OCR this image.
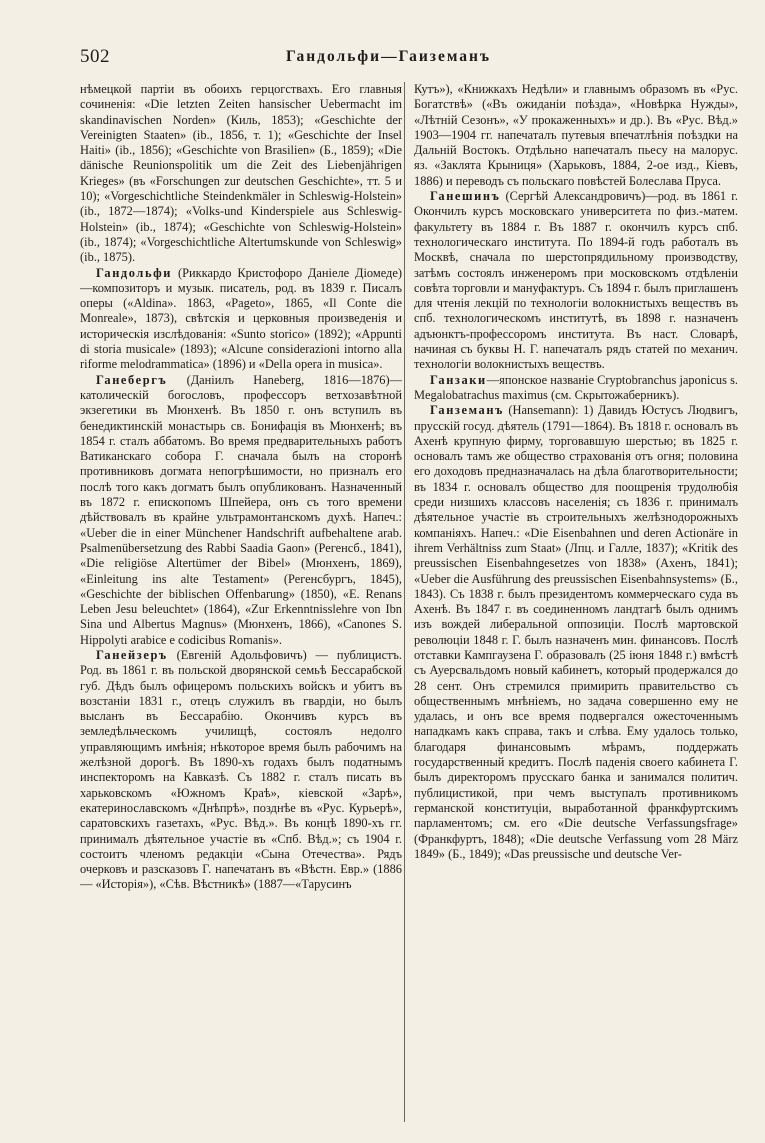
502	Гандольфи—Гаиземанъ

нѣмецкой партіи въ обоихъ герцогствахъ. Его главныя сочиненія: «Die letzten Zeiten hansischer Uebermacht im skandinavischen Norden» (Киль, 1853); «Geschichte der Vereinigten Staaten» (ib., 1856, т. 1); «Geschichte der Insel Haiti» (ib., 1856); «Geschichte von Brasilien» (Б., 1859); «Die dänische Reunionspolitik um die Zeit des Liebenjährigen Krieges» (въ «Forschungen zur deutschen Geschichte», тт. 5 и 10); «Vorgeschichtliche Steindenkmäler in Schleswig-Holstein» (ib., 1872—1874); «Volks-und Kinderspiele aus Schleswig-Holstein» (ib., 1874); «Geschichte von Schleswig-Holstein» (ib., 1874); «Vorgeschichtliche Altertumskunde von Schleswig» (ib., 1875).

Гандольфи (Риккардо Кристофоро Даніеле Діомеде)—композиторъ и музык. писатель, род. въ 1839 г. Писалъ оперы («Aldina». 1863, «Pageto», 1865, «Il Conte die Monreale», 1873), свѣтскія и церковныя произведенія и историческія изслѣдованія: «Sunto storico» (1892); «Appunti di storia musicale» (1893); «Alcune considerazioni intorno alla riforme melodrammatica» (1896) и «Della opera in musica».

Ганебергъ (Даніилъ Haneberg, 1816—1876)—католическій богословъ, профессоръ ветхозавѣтной экзегетики въ Мюнхенѣ. Въ 1850 г. онъ вступилъ въ бенедиктинскій монастырь св. Бонифація въ Мюнхенѣ; въ 1854 г. сталъ аббатомъ. Во время предварительныхъ работъ Ватиканскаго собора Г. сначала былъ на сторонѣ противниковъ догмата непогрѣшимости, но призналъ его послѣ того какъ догматъ былъ опубликованъ. Назначенный въ 1872 г. епископомъ Шпейера, онъ съ того времени дѣйствовалъ въ крайне ультрамонтанскомъ духѣ. Напеч.: «Ueber die in einer Münchener Handschrift aufbehaltene arab. Psalmenübersetzung des Rabbi Saadia Gaon» (Регенсб., 1841), «Die religiöse Altertümer der Bibel» (Мюнхенъ, 1869), «Einleitung ins alte Testament» (Регенсбургъ, 1845), «Geschichte der biblischen Offenbarung» (1850), «E. Renans Leben Jesu beleuchtet» (1864), «Zur Erkenntnisslehre von Ibn Sina und Albertus Magnus» (Мюнхенъ, 1866), «Canones S. Hippolyti arabice e codicibus Romanis».

Ганейзеръ (Евгеній Адольфовичъ) — публицистъ. Род. въ 1861 г. въ польской дворянской семьѣ Бессарабской губ. Дѣдъ былъ офицеромъ польскихъ войскъ и убитъ въ возстаніи 1831 г., отецъ служилъ въ гвардіи, но былъ высланъ въ Бессарабію. Окончивъ курсъ въ земледѣльческомъ училищѣ, состоялъ недолго управляющимъ имѣнія; нѣкоторое время былъ рабочимъ на желѣзной дорогѣ. Въ 1890-хъ годахъ былъ податнымъ инспекторомъ на Кавказѣ. Съ 1882 г. сталъ писать въ харьковскомъ «Южномъ Краѣ», кіевской «Зарѣ», екатеринославскомъ «Днѣпрѣ», позднѣе въ «Рус. Курьерѣ», саратовскихъ газетахъ, «Рус. Вѣд.». Въ концѣ 1890-хъ гг. принималъ дѣятельное участіе въ «Спб. Вѣд.»; съ 1904 г. состоитъ членомъ редакціи «Сына Отечества». Рядъ очерковъ и разсказовъ Г. напечатанъ въ «Вѣстн. Евр.» (1886 — «Исторія»), «Сѣв. Вѣстникѣ» (1887—«Тарусинъ

Кутъ»), «Книжкахъ Недѣли» и главнымъ образомъ въ «Рус. Богатствѣ» («Въ ожиданіи поѣзда», «Новѣрка Нужды», «Лѣтній Сезонъ», «У прокаженныхъ» и др.). Въ «Рус. Вѣд.» 1903—1904 гг. напечаталъ путевыя впечатлѣнія поѣздки на Дальній Востокъ. Отдѣльно напечаталъ пьесу на малорус. яз. «Заклята Крыниця» (Харьковъ, 1884, 2-ое изд., Кіевъ, 1886) и переводъ съ польскаго повѣстей Болеслава Пруса.

Ганешинъ (Сергѣй Александровичъ)—род. въ 1861 г. Окончилъ курсъ московскаго университета по физ.-матем. факультету въ 1884 г. Въ 1887 г. окончилъ курсъ спб. технологическаго института. По 1894-й годъ работалъ въ Москвѣ, сначала по шерстопрядильному производству, затѣмъ состоялъ инженеромъ при московскомъ отдѣленіи совѣта торговли и мануфактуръ. Съ 1894 г. былъ приглашенъ для чтенія лекцій по технологіи волокнистыхъ веществъ въ спб. технологическомъ институтѣ, въ 1898 г. назначенъ адъюнктъ-профессоромъ института. Въ наст. Словарѣ, начиная съ буквы Н. Г. напечаталъ рядъ статей по механич. технологіи волокнистыхъ веществъ.

Ганзаки—японское названіе Cryptobranchus japonicus s. Megalobatrachus maximus (см. Скрытожаберникъ).

Ганземанъ (Hansemann): 1) Давидъ Юстусъ Людвигъ, прусскій госуд. дѣятель (1791—1864). Въ 1818 г. основалъ въ Ахенѣ крупную фирму, торговавшую шерстью; въ 1825 г. основалъ тамъ же общество страхованія отъ огня; половина его доходовъ предназначалась на дѣла благотворительности; въ 1834 г. основалъ общество для поощренія трудолюбія среди низшихъ классовъ населенія; съ 1836 г. принималъ дѣятельное участіе въ строительныхъ желѣзнодорожныхъ компаніяхъ. Напеч.: «Die Eisenbahnen und deren Actionäre in ihrem Verhältniss zum Staat» (Лпц. и Галле, 1837); «Kritik des preussischen Eisenbahngesetzes von 1838» (Ахенъ, 1841); «Ueber die Ausführung des preussischen Eisenbahnsystems» (Б., 1843). Съ 1838 г. былъ президентомъ коммерческаго суда въ Ахенѣ. Въ 1847 г. въ соединенномъ ландтагѣ былъ однимъ изъ вождей либеральной оппозиціи. Послѣ мартовской революціи 1848 г. Г. былъ назначенъ мин. финансовъ. Послѣ отставки Кампгаузена Г. образовалъ (25 іюня 1848 г.) вмѣстѣ съ Ауерсвальдомъ новый кабинетъ, который продержался до 28 сент. Онъ стремился примирить правительство съ общественнымъ мнѣніемъ, но задача совершенно ему не удалась, и онъ все время подвергался ожесточеннымъ нападкамъ какъ справа, такъ и слѣва. Ему удалось только, благодаря финансовымъ мѣрамъ, поддержать государственный кредитъ. Послѣ паденія своего кабинета Г. былъ директоромъ прусскаго банка и занимался политич. публицистикой, при чемъ выступалъ противникомъ германской конституціи, выработанной франкфуртскимъ парламентомъ; см. его «Die deutsche Verfassungsfrage» (Франкфуртъ, 1848); «Die deutsche Verfassung vom 28 März 1849» (Б., 1849); «Das preussische und deutsche Ver-
